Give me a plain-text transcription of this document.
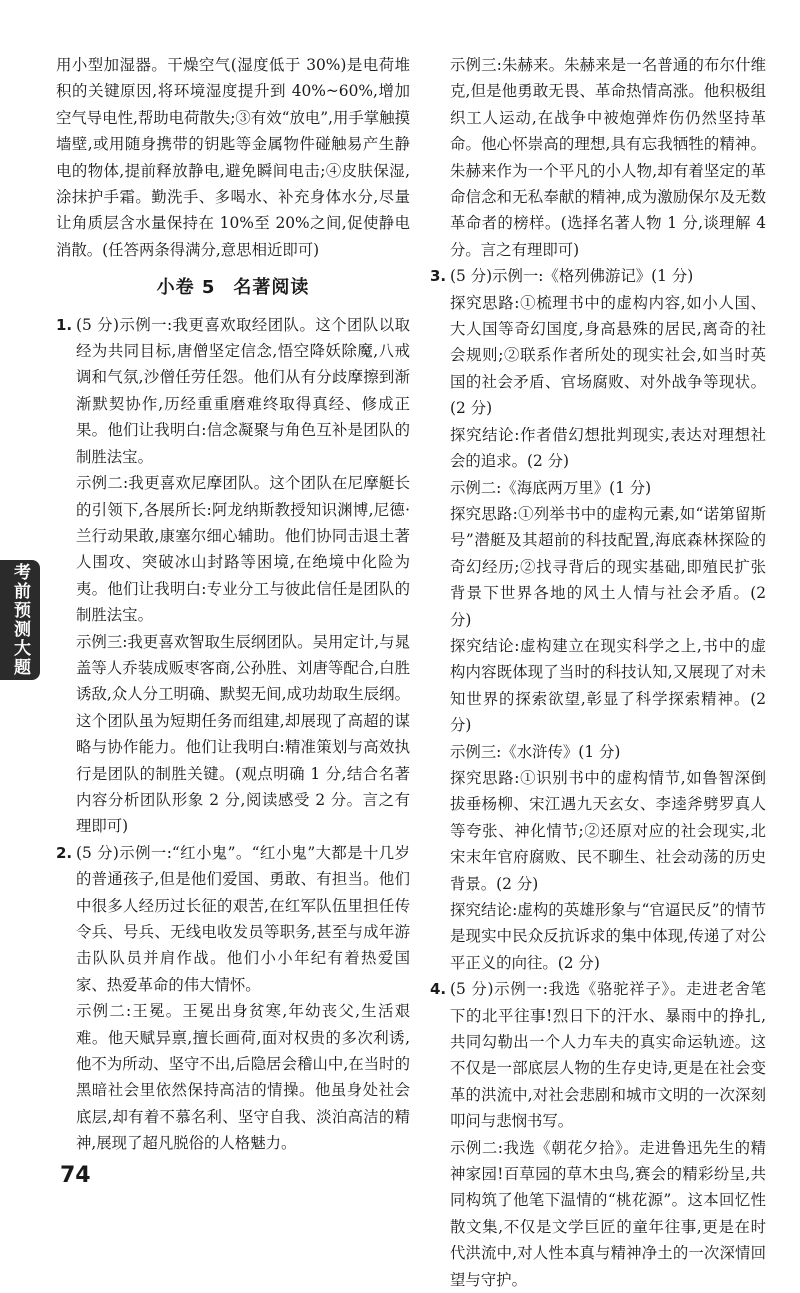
考前预测大题

用小型加湿器。干燥空气(湿度低于 30%)是电荷堆积的关键原因,将环境湿度提升到 40%~60%,增加空气导电性,帮助电荷散失;③有效“放电”,用手掌触摸墙壁,或用随身携带的钥匙等金属物件碰触易产生静电的物体,提前释放静电,避免瞬间电击;④皮肤保湿,涂抹护手霜。勤洗手、多喝水、补充身体水分,尽量让角质层含水量保持在 10%至 20%之间,促使静电消散。(任答两条得满分,意思相近即可)

小卷 5 名著阅读
1. (5 分)示例一:我更喜欢取经团队。这个团队以取经为共同目标,唐僧坚定信念,悟空降妖除魔,八戒调和气氛,沙僧任劳任怨。他们从有分歧摩擦到渐渐默契协作,历经重重磨难终取得真经、修成正果。他们让我明白:信念凝聚与角色互补是团队的制胜法宝。

示例二:我更喜欢尼摩团队。这个团队在尼摩艇长的引领下,各展所长:阿龙纳斯教授知识渊博,尼德·兰行动果敢,康塞尔细心辅助。他们协同击退土著人围攻、突破冰山封路等困境,在绝境中化险为夷。他们让我明白:专业分工与彼此信任是团队的制胜法宝。

示例三:我更喜欢智取生辰纲团队。吴用定计,与晁盖等人乔装成贩枣客商,公孙胜、刘唐等配合,白胜诱敌,众人分工明确、默契无间,成功劫取生辰纲。这个团队虽为短期任务而组建,却展现了高超的谋略与协作能力。他们让我明白:精准策划与高效执行是团队的制胜关键。(观点明确 1 分,结合名著内容分析团队形象 2 分,阅读感受 2 分。言之有理即可)

2. (5 分)示例一:“红小鬼”。“红小鬼”大都是十几岁的普通孩子,但是他们爱国、勇敢、有担当。他们中很多人经历过长征的艰苦,在红军队伍里担任传令兵、号兵、无线电收发员等职务,甚至与成年游击队队员并肩作战。他们小小年纪有着热爱国家、热爱革命的伟大情怀。

示例二:王冕。王冕出身贫寒,年幼丧父,生活艰难。他天赋异禀,擅长画荷,面对权贵的多次利诱,他不为所动、坚守不出,后隐居会稽山中,在当时的黑暗社会里依然保持高洁的情操。他虽身处社会底层,却有着不慕名利、坚守自我、淡泊高洁的精神,展现了超凡脱俗的人格魅力。

示例三:朱赫来。朱赫来是一名普通的布尔什维克,但是他勇敢无畏、革命热情高涨。他积极组织工人运动,在战争中被炮弹炸伤仍然坚持革命。他心怀崇高的理想,具有忘我牺牲的精神。朱赫来作为一个平凡的小人物,却有着坚定的革命信念和无私奉献的精神,成为激励保尔及无数革命者的榜样。(选择名著人物 1 分,谈理解 4 分。言之有理即可)

3. (5 分)示例一:《格列佛游记》(1 分)

探究思路:①梳理书中的虚构内容,如小人国、大人国等奇幻国度,身高悬殊的居民,离奇的社会规则;②联系作者所处的现实社会,如当时英国的社会矛盾、官场腐败、对外战争等现状。(2 分)

探究结论:作者借幻想批判现实,表达对理想社会的追求。(2 分)

示例二:《海底两万里》(1 分)

探究思路:①列举书中的虚构元素,如“诺第留斯号”潜艇及其超前的科技配置,海底森林探险的奇幻经历;②找寻背后的现实基础,即殖民扩张背景下世界各地的风土人情与社会矛盾。(2 分)

探究结论:虚构建立在现实科学之上,书中的虚构内容既体现了当时的科技认知,又展现了对未知世界的探索欲望,彰显了科学探索精神。(2 分)

示例三:《水浒传》(1 分)

探究思路:①识别书中的虚构情节,如鲁智深倒拔垂杨柳、宋江遇九天玄女、李逵斧劈罗真人等夸张、神化情节;②还原对应的社会现实,北宋末年官府腐败、民不聊生、社会动荡的历史背景。(2 分)

探究结论:虚构的英雄形象与“官逼民反”的情节是现实中民众反抗诉求的集中体现,传递了对公平正义的向往。(2 分)

4. (5 分)示例一:我选《骆驼祥子》。走进老舍笔下的北平往事!烈日下的汗水、暴雨中的挣扎,共同勾勒出一个人力车夫的真实命运轨迹。这不仅是一部底层人物的生存史诗,更是在社会变革的洪流中,对社会悲剧和城市文明的一次深刻叩问与悲悯书写。

示例二:我选《朝花夕拾》。走进鲁迅先生的精神家园!百草园的草木虫鸟,赛会的精彩纷呈,共同构筑了他笔下温情的“桃花源”。这本回忆性散文集,不仅是文学巨匠的童年往事,更是在时代洪流中,对人性本真与精神净土的一次深情回望与守护。

74
